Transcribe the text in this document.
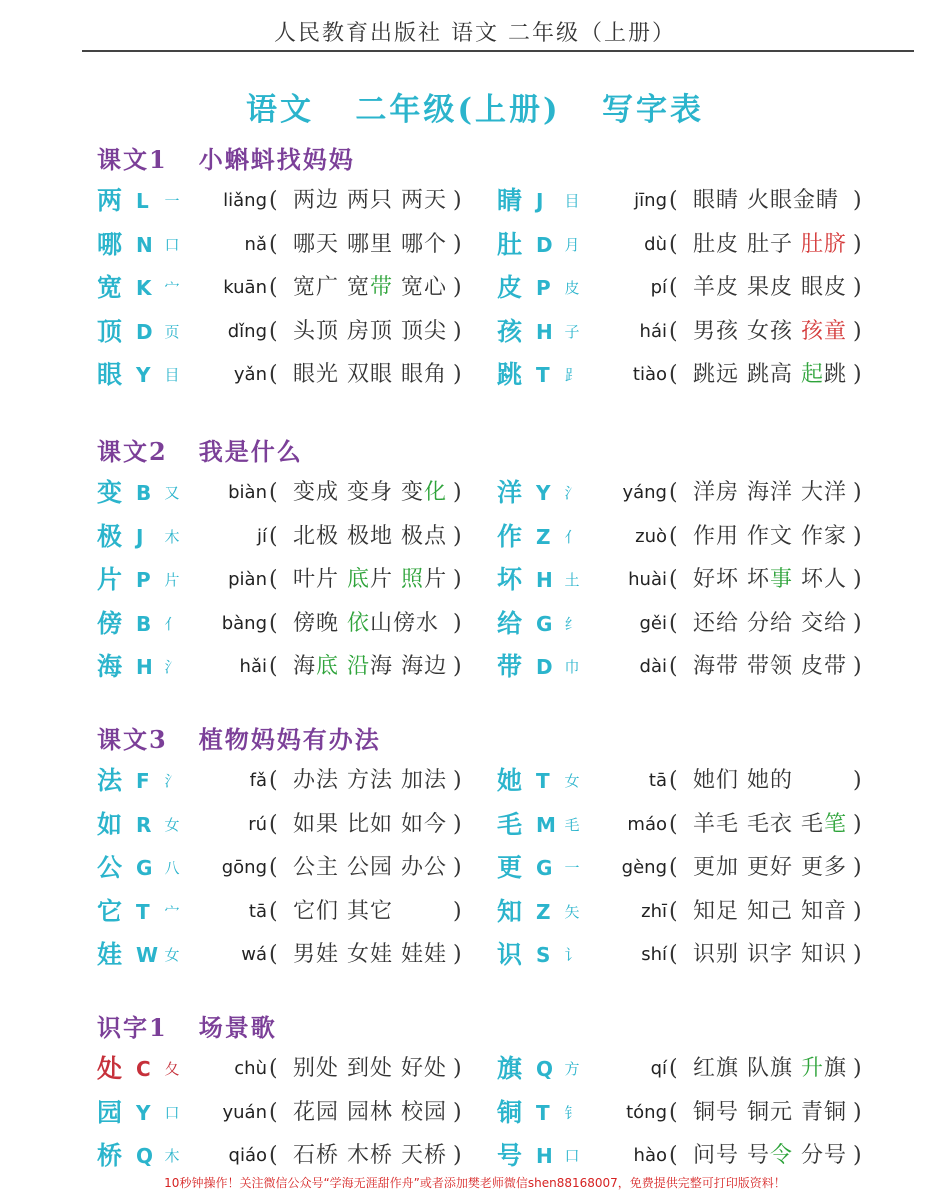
人民教育出版社 语文 二年级（上册）
语文   二年级(上册)   写字表
课文1   小蝌蚪找妈妈
两 L 一	liǎng ( 两边 两只 两天 ) 睛 J 目	jīng ( 眼睛 火眼金睛 )
哪 N 口	nǎ ( 哪天 哪里 哪个 ) 肚 D 月	dù ( 肚皮 肚子 肚脐 )
宽 K 宀	kuān ( 宽广 宽带 宽心 ) 皮 P 皮	pí ( 羊皮 果皮 眼皮 )
顶 D 页	dǐng ( 头顶 房顶 顶尖 ) 孩 H 子	hái ( 男孩 女孩 孩童 )
眼 Y 目	yǎn ( 眼光 双眼 眼角 ) 跳 T ⻊	tiào ( 跳远 跳高 起跳 )
课文2   我是什么
变 B 又	biàn ( 变成 变身 变化 ) 洋 Y 氵	yáng ( 洋房 海洋 大洋 )
极 J 木	jí ( 北极 极地 极点 ) 作 Z 亻	zuò ( 作用 作文 作家 )
片 P 片	piàn ( 叶片 底片 照片 ) 坏 H 土	huài ( 好坏 坏事 坏人 )
傍 B 亻	bàng ( 傍晚 依山傍水 ) 给 G 纟	gěi ( 还给 分给 交给 )
海 H 氵	hǎi ( 海底 沿海 海边 ) 带 D 巾	dài ( 海带 带领 皮带 )
课文3   植物妈妈有办法
法 F 氵	fǎ ( 办法 方法 加法 ) 她 T 女	tā ( 她们 她的	)
如 R 女	rú ( 如果 比如 如今 ) 毛 M 毛	máo ( 羊毛 毛衣 毛笔 )
公 G 八	gōng ( 公主 公园 办公 ) 更 G 一	gèng ( 更加 更好 更多 )
它 T 宀	tā ( 它们 其它	) 知 Z 矢	zhī ( 知足 知己 知音 )
娃 W 女	wá ( 男娃 女娃 娃娃 ) 识 S 讠	shí ( 识别 识字 知识 )
识字1   场景歌
处 C 夂	chù ( 别处 到处 好处 ) 旗 Q 方	qí ( 红旗 队旗 升旗 )
园 Y 口	yuán ( 花园 园林 校园 ) 铜 T 钅	tóng ( 铜号 铜元 青铜 )
桥 Q 木	qiáo ( 石桥 木桥 天桥 ) 号 H 口	hào ( 问号 号令 分号 )
10秒钟操作！关注微信公众号“学海无涯甜作舟”或者添加樊老师微信shen88168007，免费提供完整可打印版资料！
